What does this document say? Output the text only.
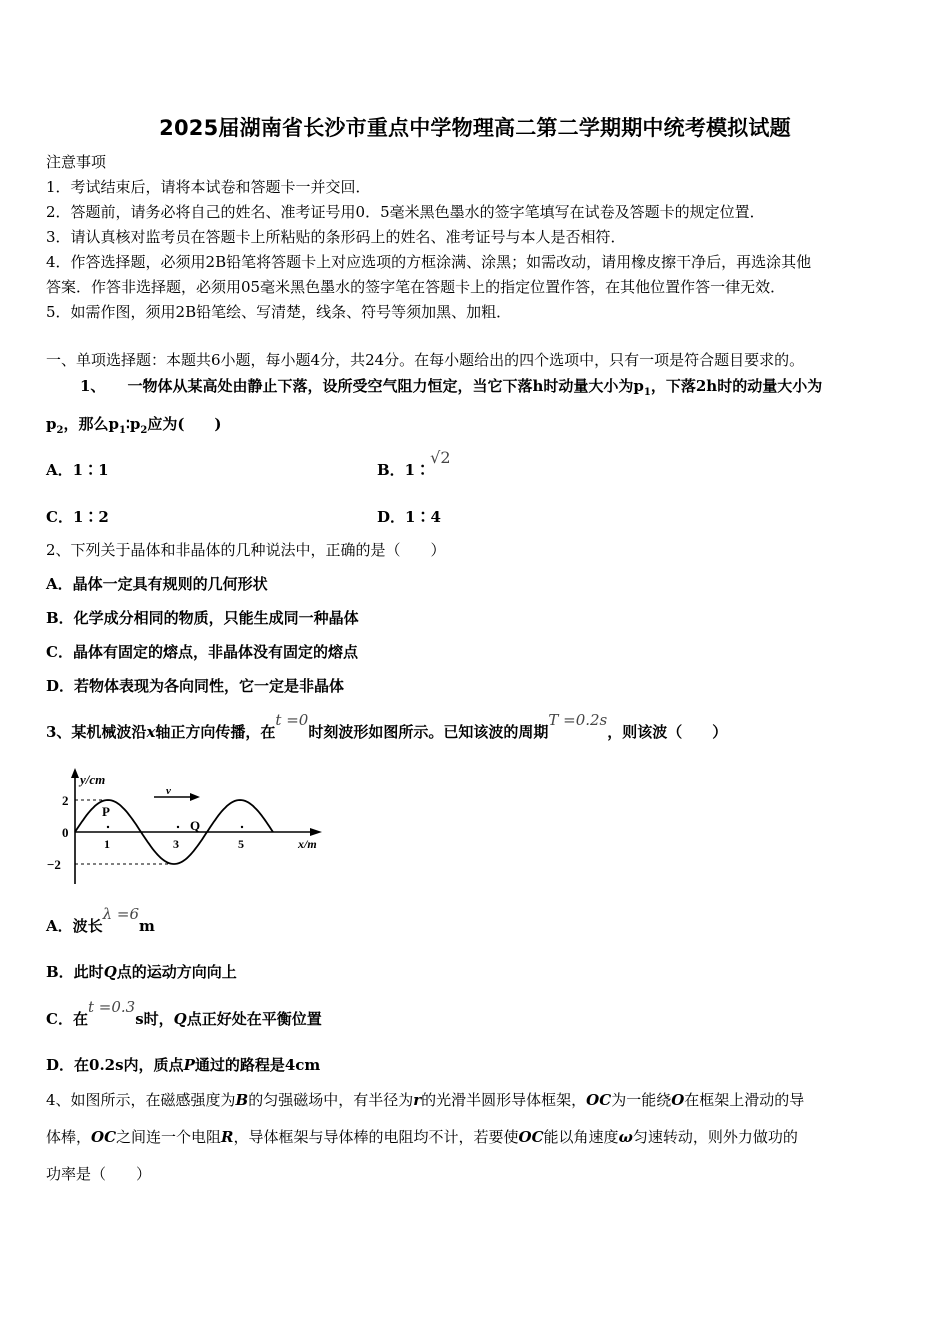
2025届湖南省长沙市重点中学物理高二第二学期期中统考模拟试题
注意事项
1．考试结束后，请将本试卷和答题卡一并交回．
2．答题前，请务必将自己的姓名、准考证号用0．5毫米黑色墨水的签字笔填写在试卷及答题卡的规定位置．
3．请认真核对监考员在答题卡上所粘贴的条形码上的姓名、准考证号与本人是否相符．
4．作答选择题，必须用2B铅笔将答题卡上对应选项的方框涂满、涂黑；如需改动，请用橡皮擦干净后，再选涂其他
答案．作答非选择题，必须用05毫米黑色墨水的签字笔在答题卡上的指定位置作答，在其他位置作答一律无效．
5．如需作图，须用2B铅笔绘、写清楚，线条、符号等须加黑、加粗．
一、单项选择题：本题共6小题，每小题4分，共24分。在每小题给出的四个选项中，只有一项是符合题目要求的。
1、 一物体从某高处由静止下落，设所受空气阻力恒定，当它下落h时动量大小为$p_1$，下落2h时的动量大小为
$p_2$，那么$p_1∶p_2$应为(　　)
A．1∶1	B．1∶√2
C．1∶2	D．1∶4
2、下列关于晶体和非晶体的几种说法中，正确的是（　　）
A．晶体一定具有规则的几何形状
B．化学成分相同的物质，只能生成同一种晶体
C．晶体有固定的熔点，非晶体没有固定的熔点
D．若物体表现为各向同性，它一定是非晶体
3、某机械波沿x轴正方向传播，在t =0时刻波形如图所示。已知该波的周期T =0.2s，则该波（　　）
v
y/cm
x/m
2
0
−2
1	3	5
P
Q
A．波长λ =6m
B．此时Q点的运动方向向上
C．在t =0.3s时，Q点正好处在平衡位置
D．在0.2s内，质点P通过的路程是4cm
4、如图所示，在磁感强度为B的匀强磁场中，有半径为r的光滑半圆形导体框架，OC为一能绕O在框架上滑动的导
体棒，OC之间连一个电阻R，导体框架与导体棒的电阻均不计，若要使OC能以角速度ω匀速转动，则外力做功的
功率是（　　）
